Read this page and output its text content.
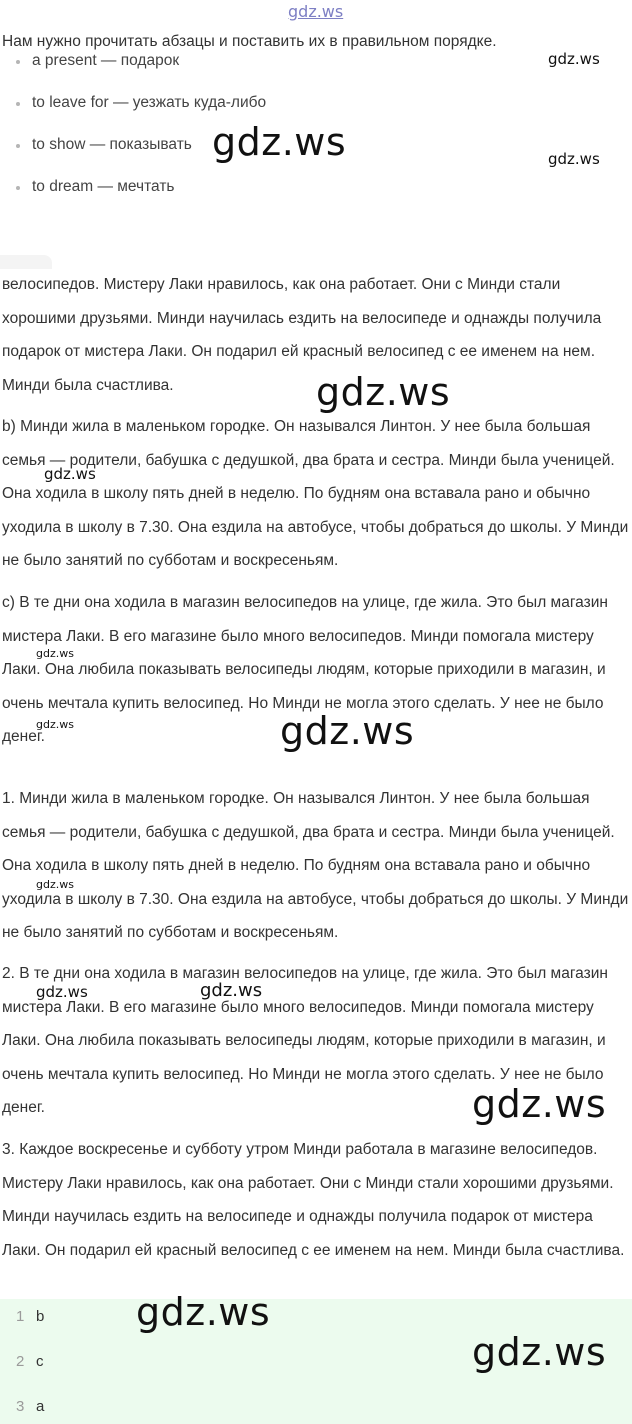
gdz.ws
Нам нужно прочитать абзацы и поставить их в правильном порядке.
a present — подарок
to leave for — уезжать куда-либо
to show — показывать
to dream — мечтать
велосипедов. Мистеру Лаки нравилось, как она работает. Они с Минди стали хорошими друзьями. Минди научилась ездить на велосипеде и однажды получила подарок от мистера Лаки. Он подарил ей красный велосипед с ее именем на нем. Минди была счастлива.
b) Минди жила в маленьком городке. Он назывался Линтон. У нее была большая семья — родители, бабушка с дедушкой, два брата и сестра. Минди была ученицей. Она ходила в школу пять дней в неделю. По будням она вставала рано и обычно уходила в школу в 7.30. Она ездила на автобусе, чтобы добраться до школы. У Минди не было занятий по субботам и воскресеньям.
c) В те дни она ходила в магазин велосипедов на улице, где жила. Это был магазин мистера Лаки. В его магазине было много велосипедов. Минди помогала мистеру Лаки. Она любила показывать велосипеды людям, которые приходили в магазин, и очень мечтала купить велосипед. Но Минди не могла этого сделать. У нее не было денег.
1. Минди жила в маленьком городке. Он назывался Линтон. У нее была большая семья — родители, бабушка с дедушкой, два брата и сестра. Минди была ученицей. Она ходила в школу пять дней в неделю. По будням она вставала рано и обычно уходила в школу в 7.30. Она ездила на автобусе, чтобы добраться до школы. У Минди не было занятий по субботам и воскресеньям.
2. В те дни она ходила в магазин велосипедов на улице, где жила. Это был магазин мистера Лаки. В его магазине было много велосипедов. Минди помогала мистеру Лаки. Она любила показывать велосипеды людям, которые приходили в магазин, и очень мечтала купить велосипед. Но Минди не могла этого сделать. У нее не было денег.
3. Каждое воскресенье и субботу утром Минди работала в магазине велосипедов. Мистеру Лаки нравилось, как она работает. Они с Минди стали хорошими друзьями. Минди научилась ездить на велосипеде и однажды получила подарок от мистера Лаки. Он подарил ей красный велосипед с ее именем на нем. Минди была счастлива.
1 b
2 c
3 a
gdz.ws
gdz.ws	gdz.ws
gdz.ws
gdz.ws
gdz.ws
gdz.ws	gdz.ws
gdz.ws
gdz.ws	gdz.ws
gdz.ws
gdz.ws
gdz.ws
